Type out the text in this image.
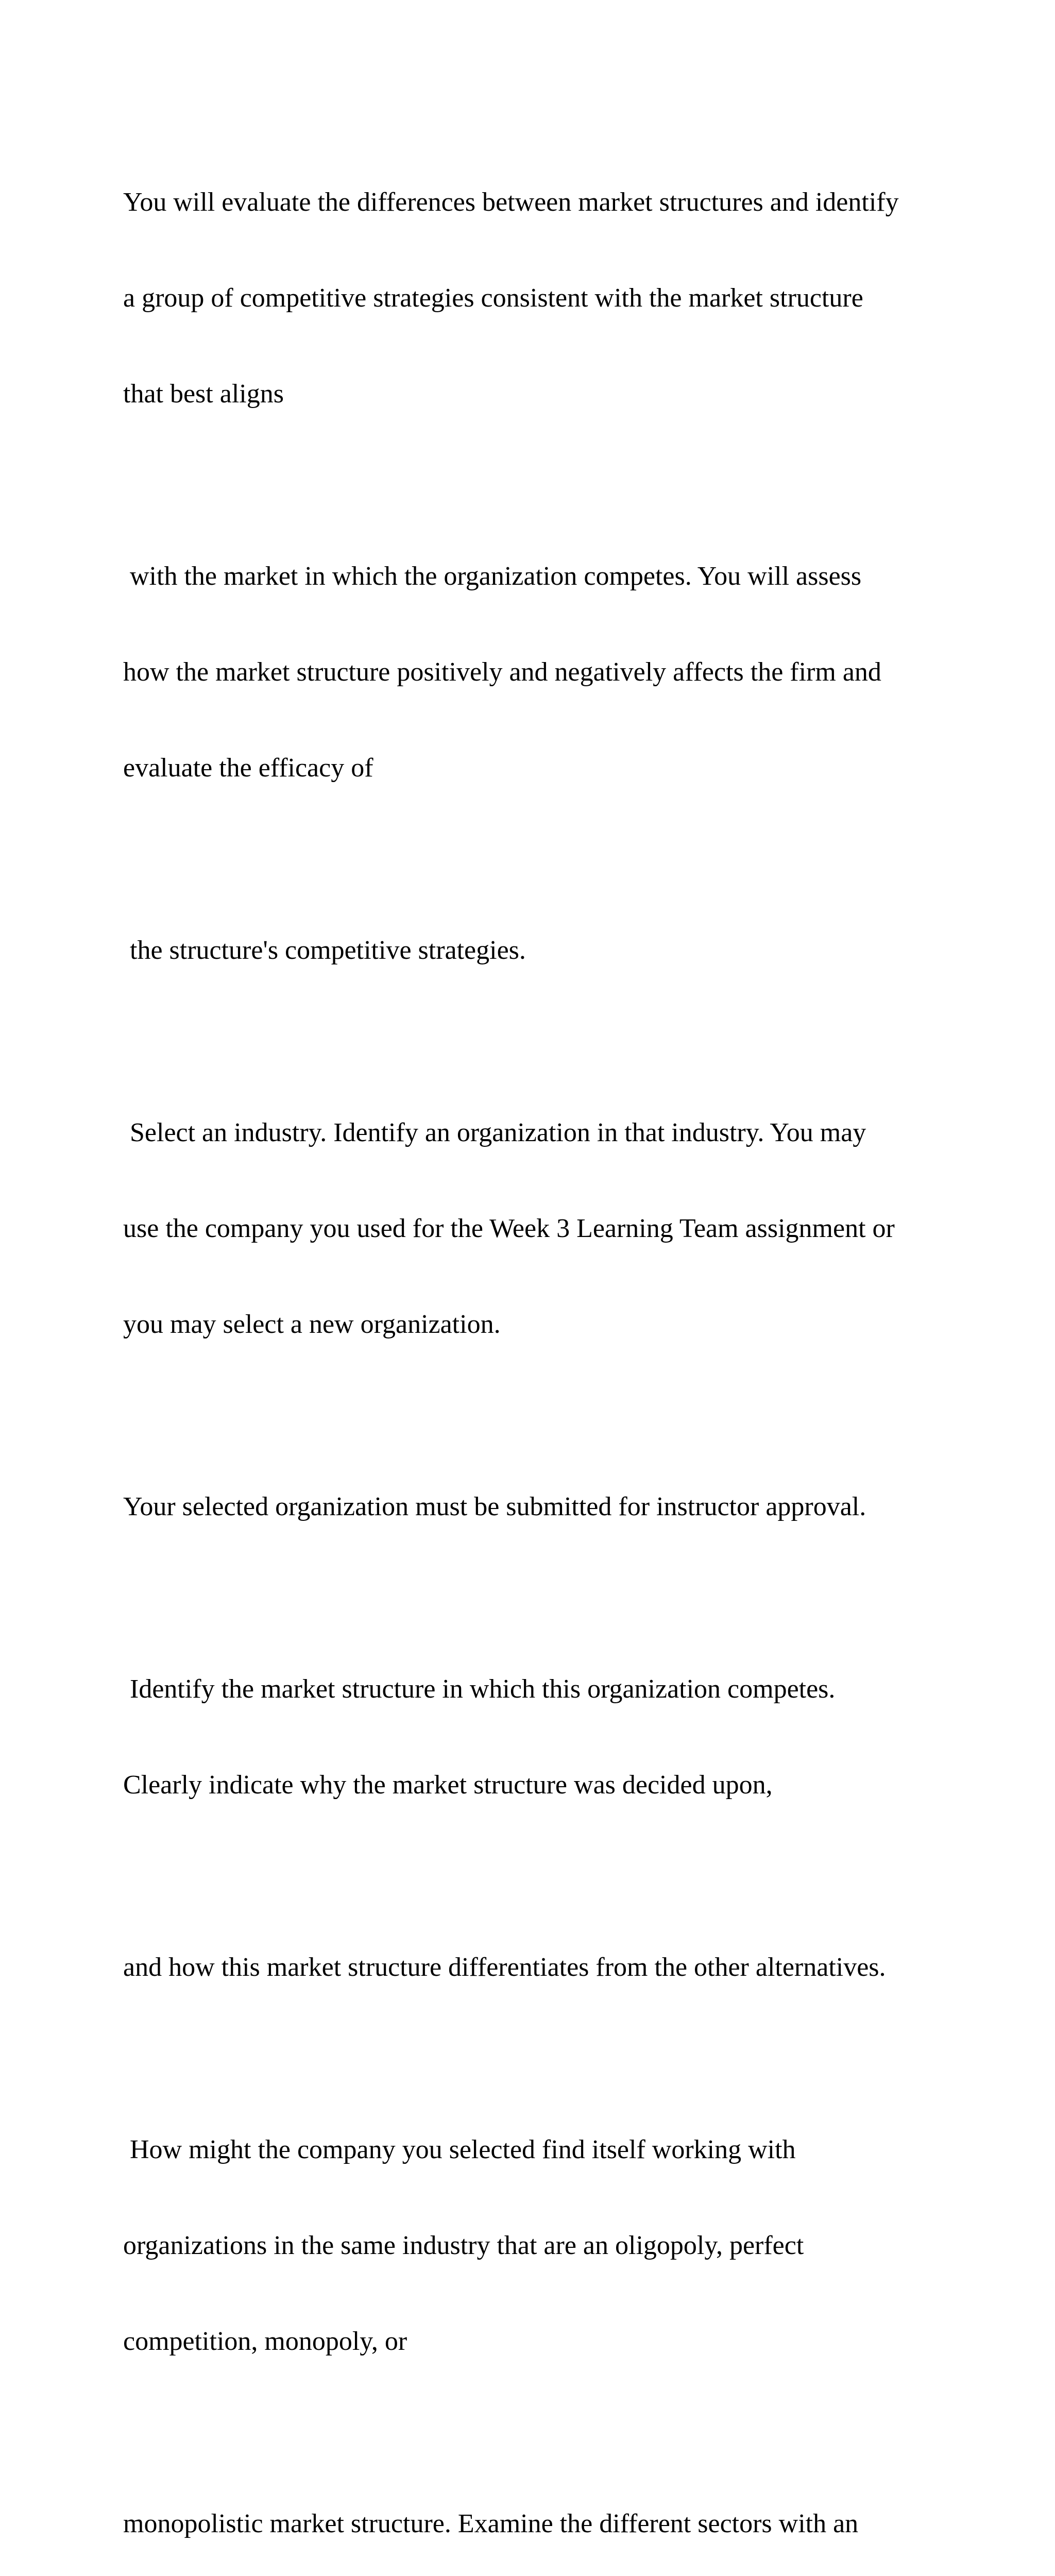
You will evaluate the differences between market structures and identify

a group of competitive strategies consistent with the market structure

that best aligns

with the market in which the organization competes. You will assess

how the market structure positively and negatively affects the firm and

evaluate the efficacy of

the structure's competitive strategies.

Select an industry. Identify an organization in that industry. You may

use the company you used for the Week 3 Learning Team assignment or

you may select a new organization.

Your selected organization must be submitted for instructor approval.

Identify the market structure in which this organization competes.

Clearly indicate why the market structure was decided upon,

and how this market structure differentiates from the other alternatives.

How might the company you selected find itself working with

organizations in the same industry that are an oligopoly, perfect

competition, monopoly, or

monopolistic market structure. Examine the different sectors with an
